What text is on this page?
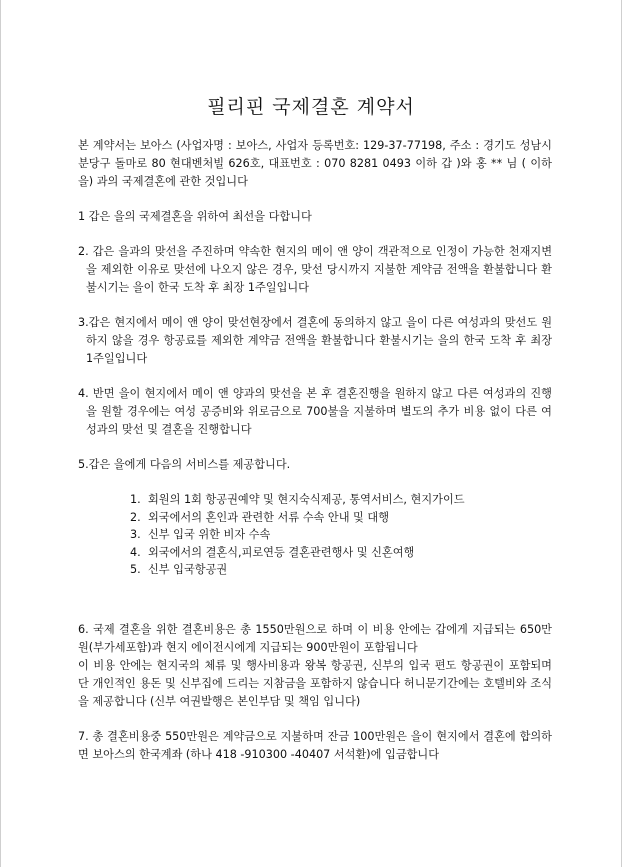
필리핀 국제결혼 계약서

본 계약서는 보아스 (사업자명 : 보아스, 사업자 등록번호: 129-37-77198, 주소 : 경기도 성남시 분당구 돌마로 80 현대벤처빌 626호, 대표번호 : 070 8281 0493 이하 갑 )와 홍 ** 님 ( 이하 을) 과의 국제결혼에 관한 것입니다

1 갑은 을의 국제결혼을 위하여 최선을 다합니다

2. 갑은 을과의 맞선을 주진하며 약속한 현지의 메이 앤 양이 객관적으로 인정이 가능한 천재지변을 제외한 이유로 맞선에 나오지 않은 경우, 맞선 당시까지 지불한 계약금 전액을 환불합니다 환불시기는 을이 한국 도착 후 최장 1주일입니다

3.갑은 현지에서 메이 앤 양이 맞선현장에서 결혼에 동의하지 않고 을이 다른 여성과의 맞선도 원하지 않을 경우 항공료를 제외한 계약금 전액을 환불합니다 환불시기는 을의 한국 도착 후 최장 1주일입니다

4. 반면 을이 현지에서 메이 앤 양과의 맞선을 본 후 결혼진행을 원하지 않고 다른 여성과의 진행을 원할 경우에는 여성 공증비와 위로금으로 700불을 지불하며 별도의 추가 비용 없이 다른 여성과의 맞선 및 결혼을 진행합니다

5.갑은 을에게 다음의 서비스를 제공합니다.

1. 회원의 1회 항공권예약 및 현지숙식제공, 통역서비스, 현지가이드
2. 외국에서의 혼인과 관련한 서류 수속 안내 및 대행
3. 신부 입국 위한 비자 수속
4. 외국에서의 결혼식,피로연등 결혼관련행사 및 신혼여행
5. 신부 입국항공권

6. 국제 결혼을 위한 결혼비용은 총 1550만원으로 하며 이 비용 안에는 갑에게 지급되는 650만원(부가세포함)과 현지 에이전시에게 지급되는 900만원이 포함됩니다

이 비용 안에는 현지국의 체류 및 행사비용과 왕복 항공권, 신부의 입국 편도 항공권이 포함되며 단 개인적인 용돈 및 신부집에 드리는 지참금을 포함하지 않습니다 허니문기간에는 호텔비와 조식을 제공합니다 (신부 여권발행은 본인부담 및 책임 입니다)

7. 총 결혼비용중 550만원은 계약금으로 지불하며 잔금 100만원은 을이 현지에서 결혼에 합의하면 보아스의 한국계좌 (하나 418 -910300 -40407 서석환)에 입금합니다
